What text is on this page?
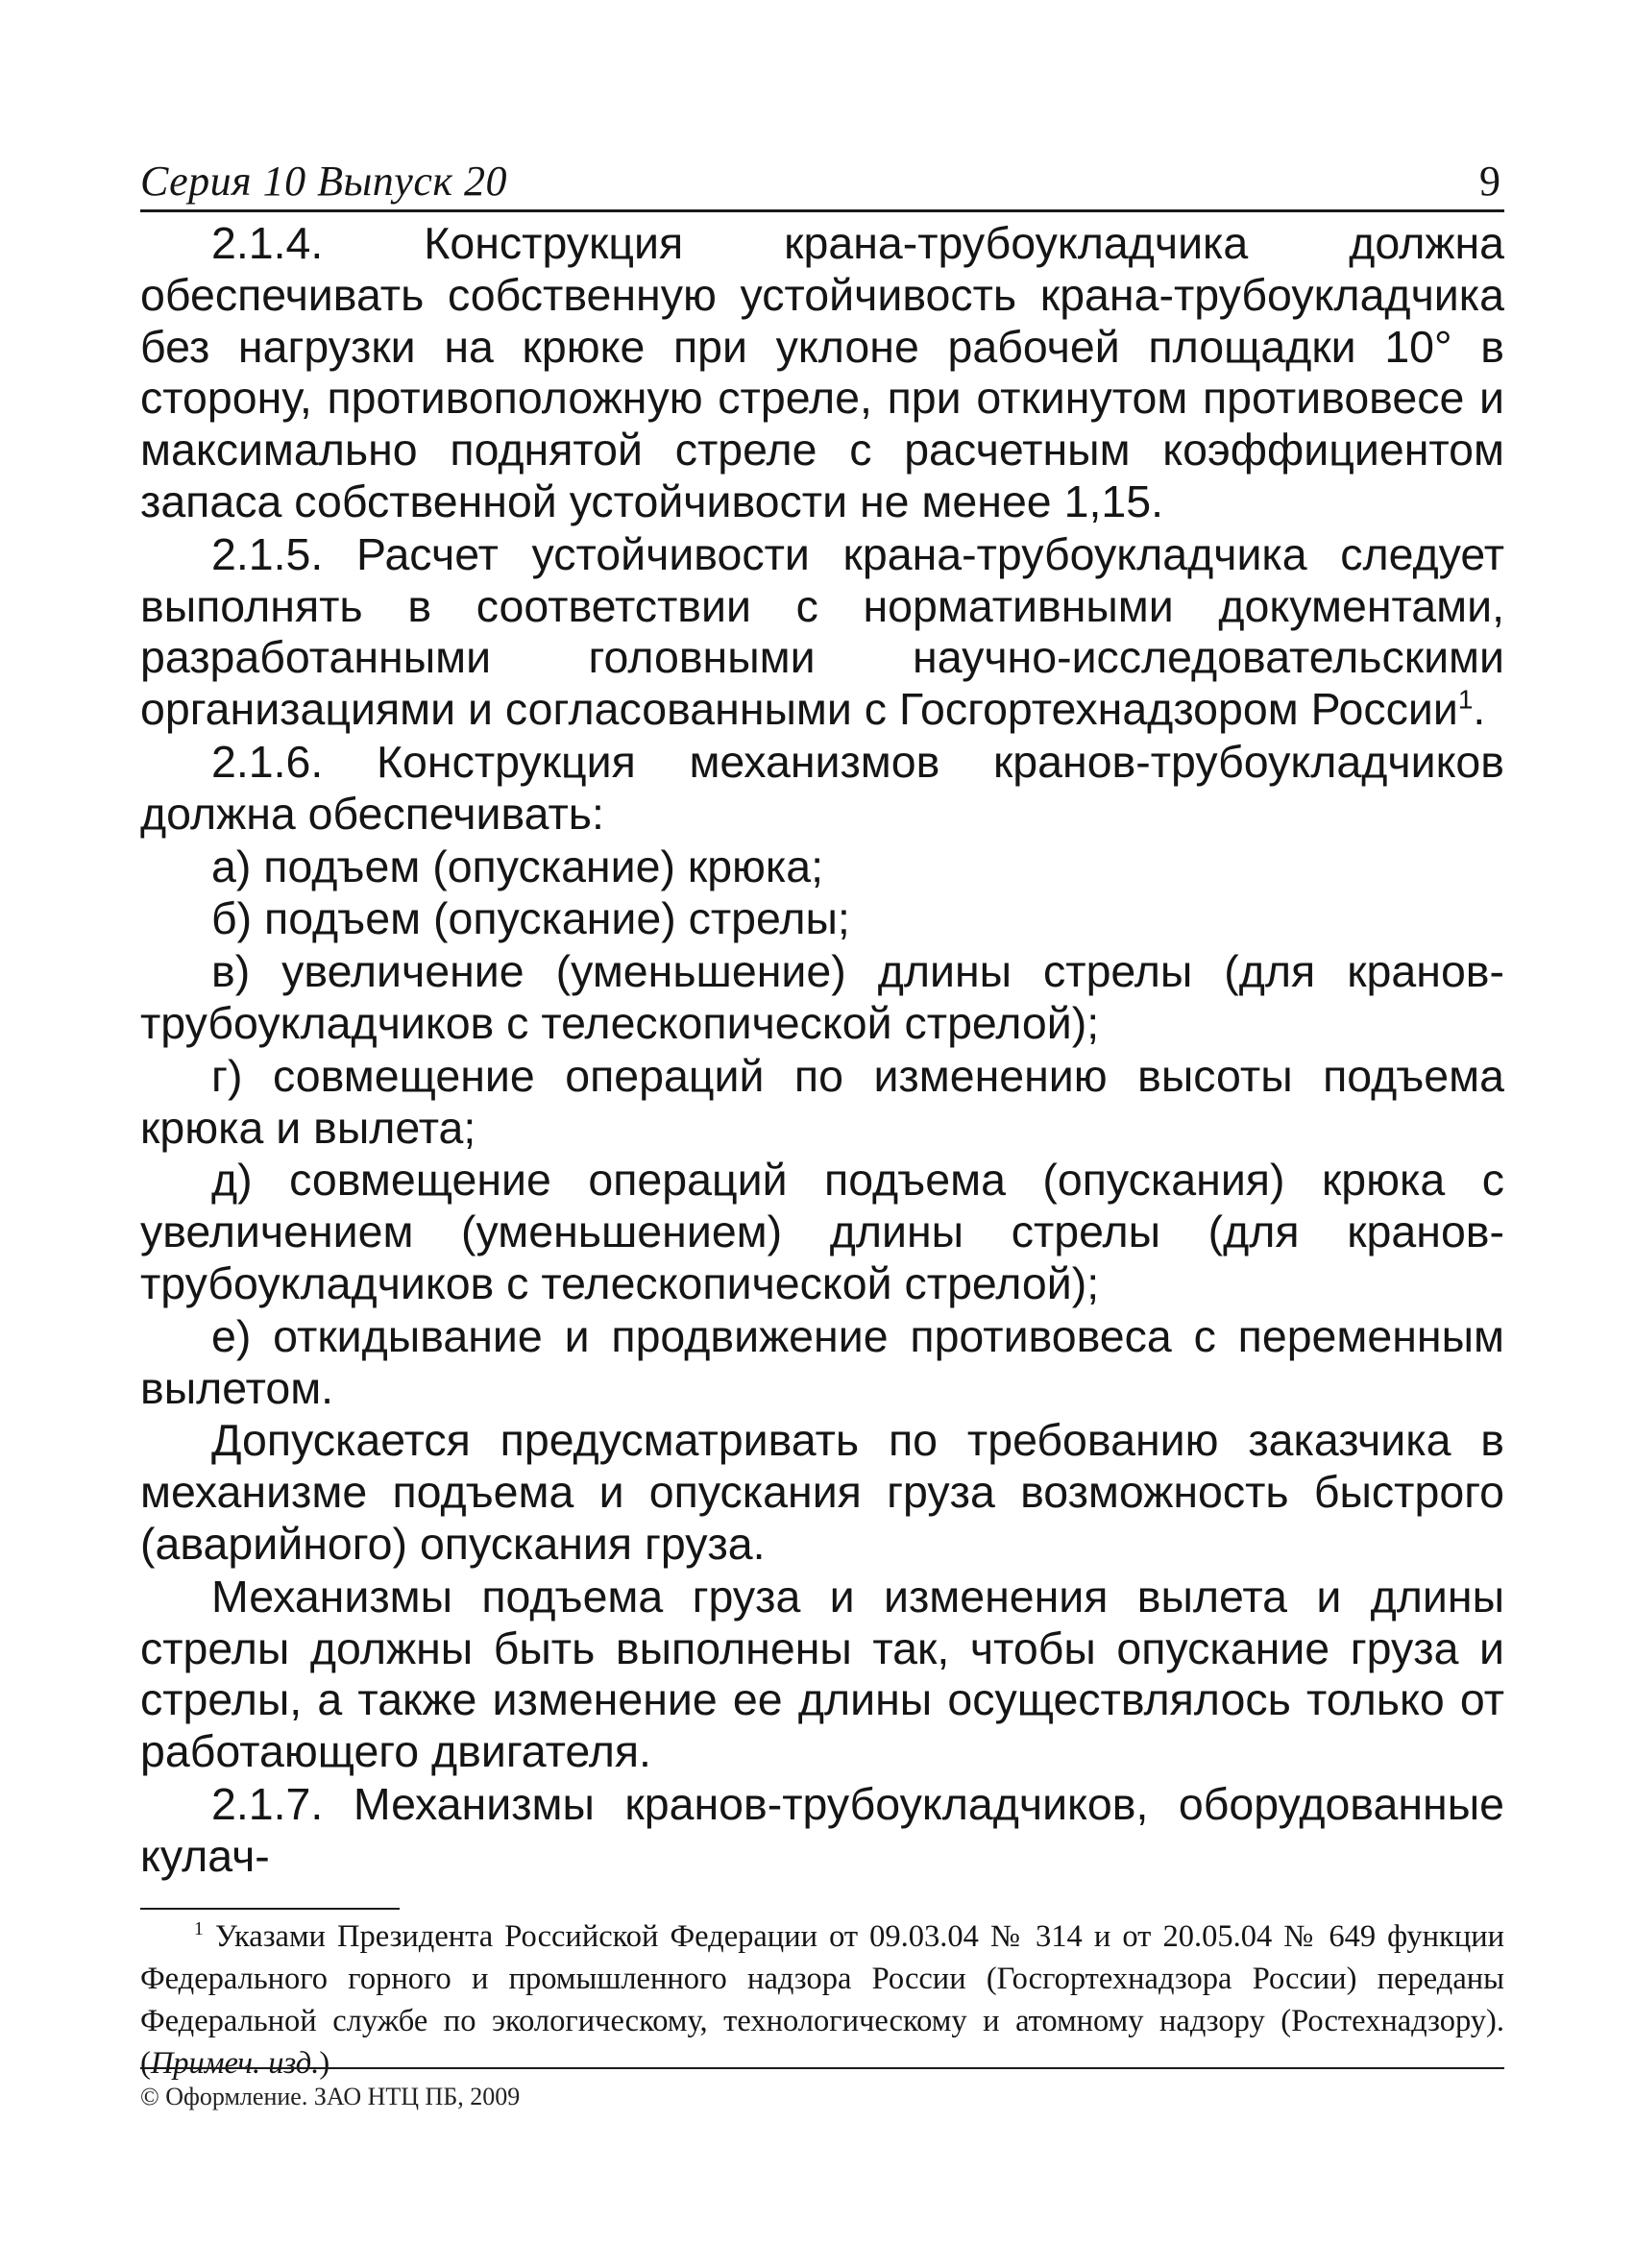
Серия 10 Выпуск 20	9

2.1.4. Конструкция крана-трубоукладчика должна обеспечивать собственную устойчивость крана-трубоукладчика без нагрузки на крюке при уклоне рабочей площадки 10° в сторону, противоположную стреле, при откинутом противовесе и максимально поднятой стреле с расчетным коэффициентом запаса собственной устойчивости не менее 1,15.

2.1.5. Расчет устойчивости крана-трубоукладчика следует выполнять в соответствии с нормативными документами, разработанными головными научно-исследовательскими организациями и согласованными с Госгортехнадзором России$^1$.

2.1.6. Конструкция механизмов кранов-трубоукладчиков должна обеспечивать:

а) подъем (опускание) крюка;

б) подъем (опускание) стрелы;

в) увеличение (уменьшение) длины стрелы (для кранов-трубоукладчиков с телескопической стрелой);

г) совмещение операций по изменению высоты подъема крюка и вылета;

д) совмещение операций подъема (опускания) крюка с увеличением (уменьшением) длины стрелы (для кранов-трубоукладчиков с телескопической стрелой);

е) откидывание и продвижение противовеса с переменным вылетом.

Допускается предусматривать по требованию заказчика в механизме подъема и опускания груза возможность быстрого (аварийного) опускания груза.

Механизмы подъема груза и изменения вылета и длины стрелы должны быть выполнены так, чтобы опускание груза и стрелы, а также изменение ее длины осуществлялось только от работающего двигателя.

2.1.7. Механизмы кранов-трубоукладчиков, оборудованные кулач-

$^1$ Указами Президента Российской Федерации от 09.03.04 № 314 и от 20.05.04 № 649 функции Федерального горного и промышленного надзора России (Госгортехнадзора России) переданы Федеральной службе по экологическому, технологическому и атомному надзору (Ростехнадзору). (Примеч. изд.)
© Оформление. ЗАО НТЦ ПБ, 2009
